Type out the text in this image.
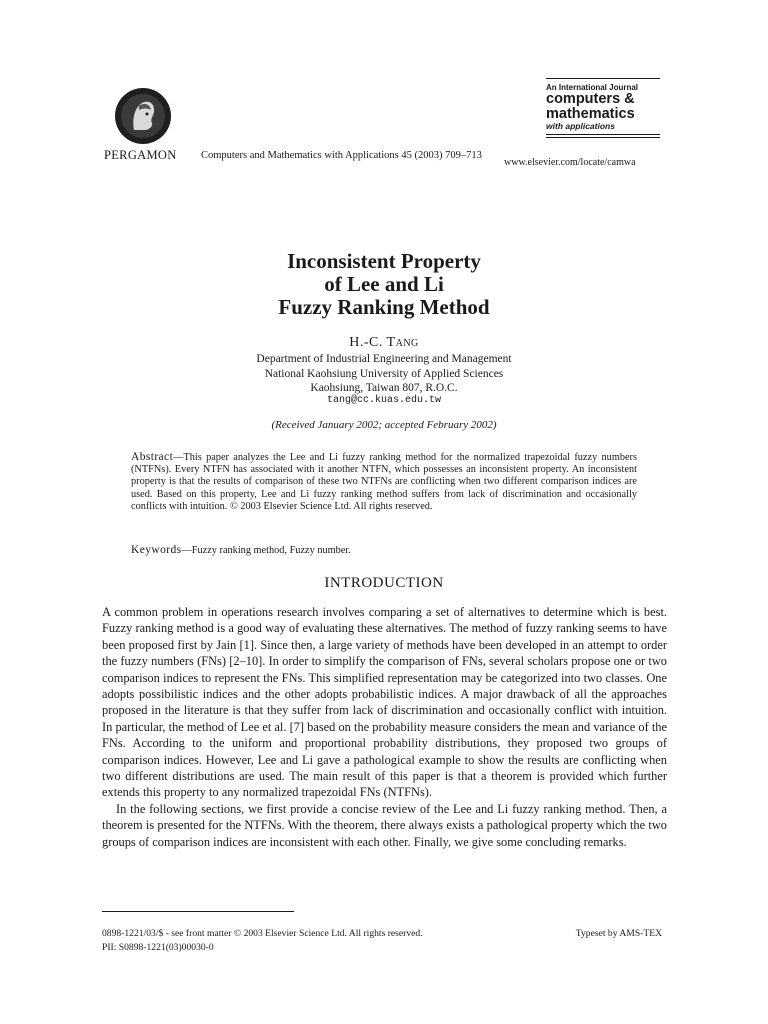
PERGAMON Computers and Mathematics with Applications 45 (2003) 709–713
An International Journal
computers &
mathematics
with applications
www.elsevier.com/locate/camwa
Inconsistent Property
of Lee and Li
Fuzzy Ranking Method
H.-C. Tang
Department of Industrial Engineering and Management
National Kaohsiung University of Applied Sciences
Kaohsiung, Taiwan 807, R.O.C.
tang@cc.kuas.edu.tw
(Received January 2002; accepted February 2002)
Abstract—This paper analyzes the Lee and Li fuzzy ranking method for the normalized trapezoidal fuzzy numbers (NTFNs). Every NTFN has associated with it another NTFN, which possesses an inconsistent property. An inconsistent property is that the results of comparison of these two NTFNs are conflicting when two different comparison indices are used. Based on this property, Lee and Li fuzzy ranking method suffers from lack of discrimination and occasionally conflicts with intuition. © 2003 Elsevier Science Ltd. All rights reserved.
Keywords—Fuzzy ranking method, Fuzzy number.
INTRODUCTION

A common problem in operations research involves comparing a set of alternatives to determine which is best. Fuzzy ranking method is a good way of evaluating these alternatives. The method of fuzzy ranking seems to have been proposed first by Jain [1]. Since then, a large variety of methods have been developed in an attempt to order the fuzzy numbers (FNs) [2–10]. In order to simplify the comparison of FNs, several scholars propose one or two comparison indices to represent the FNs. This simplified representation may be categorized into two classes. One adopts possibilistic indices and the other adopts probabilistic indices. A major drawback of all the approaches proposed in the literature is that they suffer from lack of discrimination and occasionally conflict with intuition. In particular, the method of Lee et al. [7] based on the probability measure considers the mean and variance of the FNs. According to the uniform and proportional probability distributions, they proposed two groups of comparison indices. However, Lee and Li gave a pathological example to show the results are conflicting when two different distributions are used. The main result of this paper is that a theorem is provided which further extends this property to any normalized trapezoidal FNs (NTFNs).

In the following sections, we first provide a concise review of the Lee and Li fuzzy ranking method. Then, a theorem is presented for the NTFNs. With the theorem, there always exists a pathological property which the two groups of comparison indices are inconsistent with each other. Finally, we give some concluding remarks.

0898-1221/03/$ - see front matter © 2003 Elsevier Science Ltd. All rights reserved.	Typeset by AMS-TEX
PII: S0898-1221(03)00030-0
